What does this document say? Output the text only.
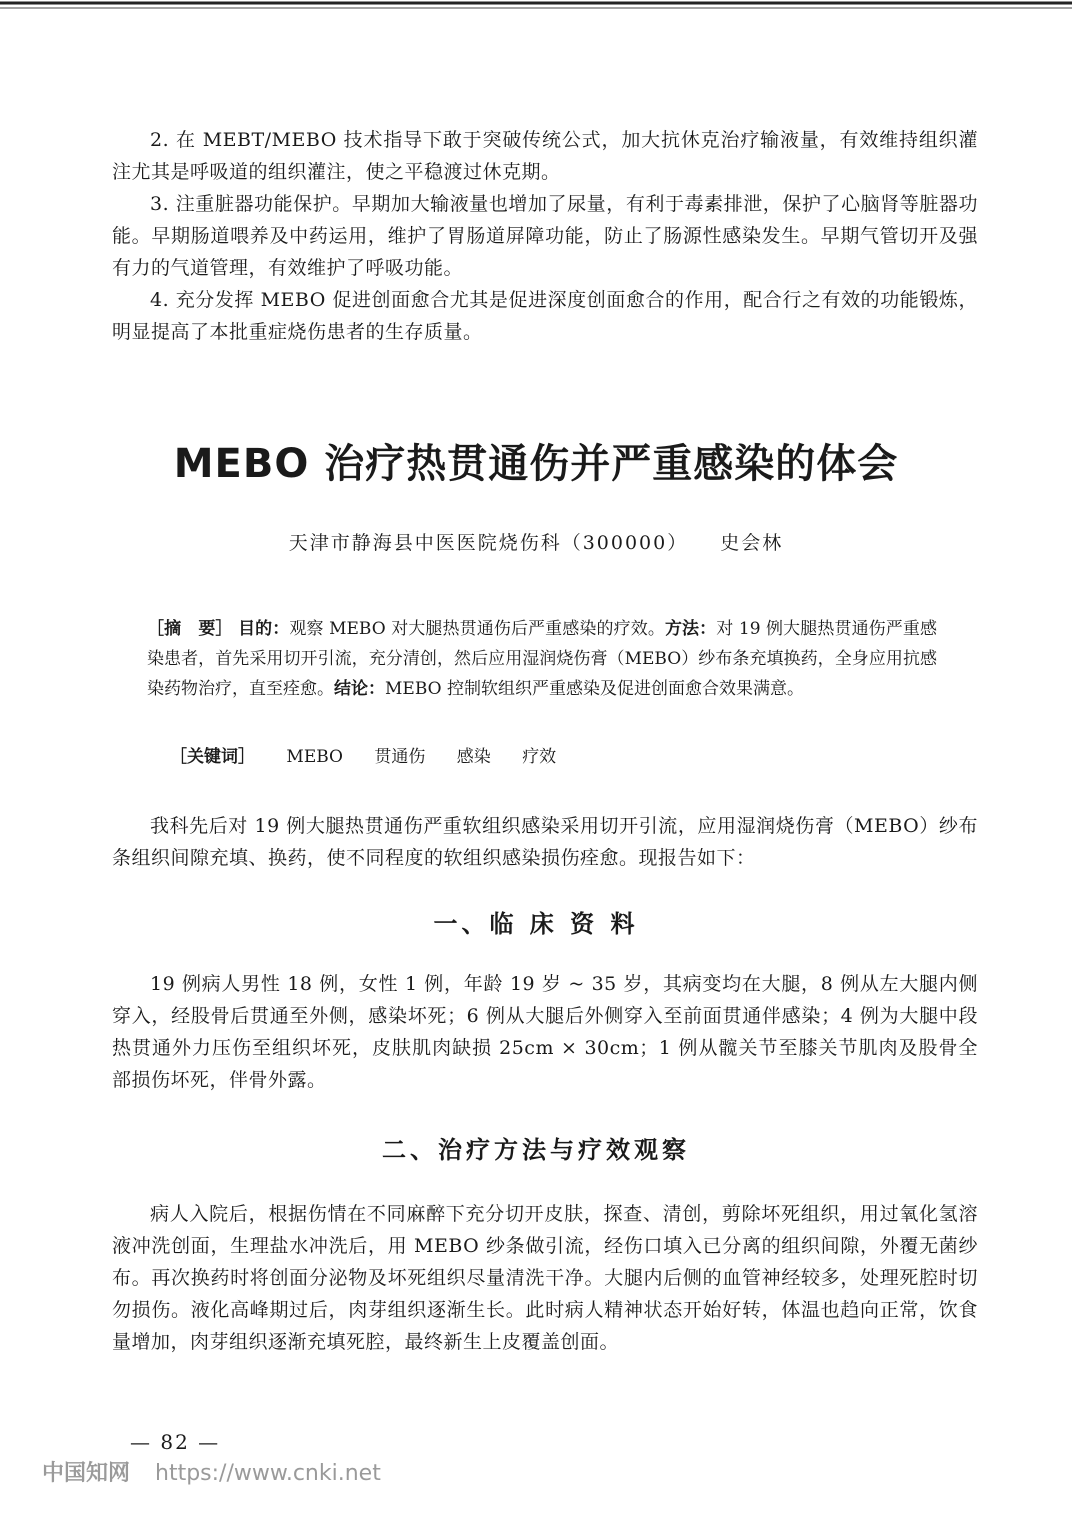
2. 在 MEBT/MEBO 技术指导下敢于突破传统公式，加大抗休克治疗输液量，有效维持组织灌注尤其是呼吸道的组织灌注，使之平稳渡过休克期。

3. 注重脏器功能保护。早期加大输液量也增加了尿量，有利于毒素排泄，保护了心脑肾等脏器功能。早期肠道喂养及中药运用，维护了胃肠道屏障功能，防止了肠源性感染发生。早期气管切开及强有力的气道管理，有效维护了呼吸功能。

4. 充分发挥 MEBO 促进创面愈合尤其是促进深度创面愈合的作用，配合行之有效的功能锻炼，明显提高了本批重症烧伤患者的生存质量。

MEBO 治疗热贯通伤并严重感染的体会

天津市静海县中医医院烧伤科（300000） 史会林

［摘　要］ 目的：观察 MEBO 对大腿热贯通伤后严重感染的疗效。方法：对 19 例大腿热贯通伤严重感染患者，首先采用切开引流，充分清创，然后应用湿润烧伤膏（MEBO）纱布条充填换药，全身应用抗感染药物治疗，直至痊愈。结论：MEBO 控制软组织严重感染及促进创面愈合效果满意。

［关键词］ MEBO 贯通伤 感染 疗效

我科先后对 19 例大腿热贯通伤严重软组织感染采用切开引流，应用湿润烧伤膏（MEBO）纱布条组织间隙充填、换药，使不同程度的软组织感染损伤痊愈。现报告如下：

一、临 床 资 料

19 例病人男性 18 例，女性 1 例，年龄 19 岁 ~ 35 岁，其病变均在大腿，8 例从左大腿内侧穿入，经股骨后贯通至外侧，感染坏死；6 例从大腿后外侧穿入至前面贯通伴感染；4 例为大腿中段热贯通外力压伤至组织坏死，皮肤肌肉缺损 25cm × 30cm；1 例从髋关节至膝关节肌肉及股骨全部损伤坏死，伴骨外露。

二、治疗方法与疗效观察

病人入院后，根据伤情在不同麻醉下充分切开皮肤，探查、清创，剪除坏死组织，用过氧化氢溶液冲洗创面，生理盐水冲洗后，用 MEBO 纱条做引流，经伤口填入已分离的组织间隙，外覆无菌纱布。再次换药时将创面分泌物及坏死组织尽量清洗干净。大腿内后侧的血管神经较多，处理死腔时切勿损伤。液化高峰期过后，肉芽组织逐渐生长。此时病人精神状态开始好转，体温也趋向正常，饮食量增加，肉芽组织逐渐充填死腔，最终新生上皮覆盖创面。

— 82 —
中国知网 https://www.cnki.net
